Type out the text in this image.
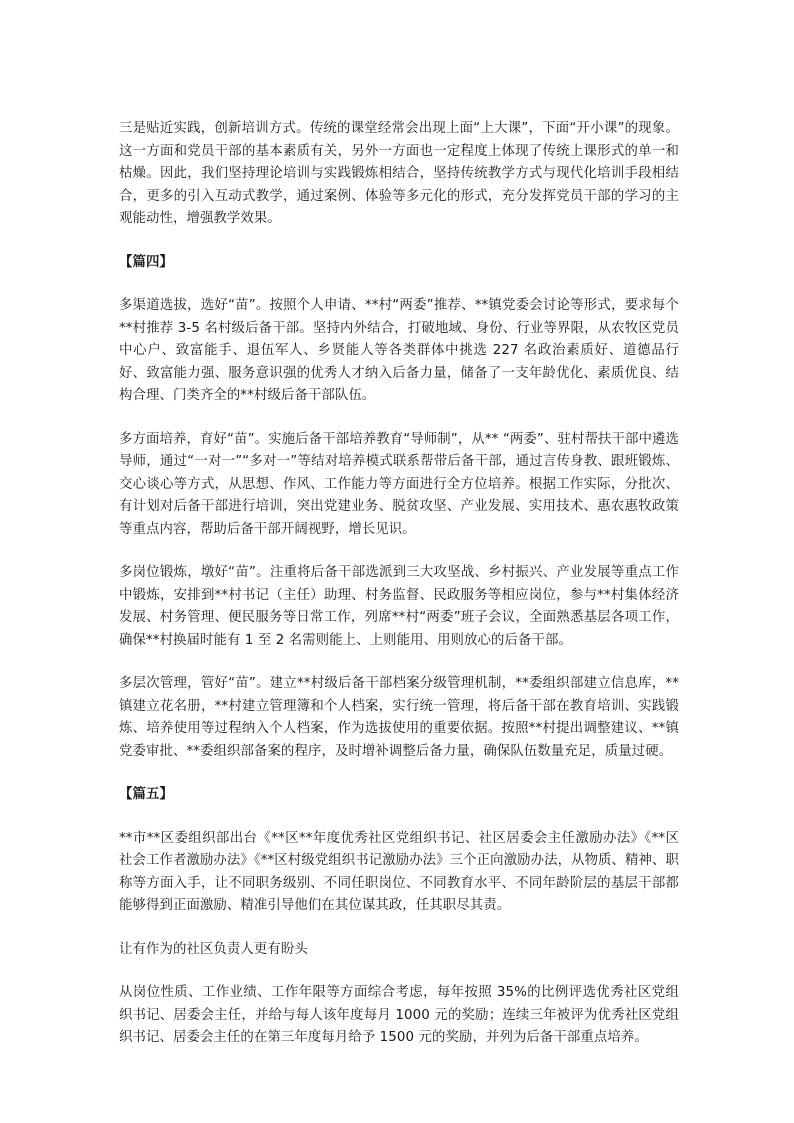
三是贴近实践，创新培训方式。传统的课堂经常会出现上面“上大课”，下面“开小课”的现象。这一方面和党员干部的基本素质有关，另外一方面也一定程度上体现了传统上课形式的单一和枯燥。因此，我们坚持理论培训与实践锻炼相结合，坚持传统教学方式与现代化培训手段相结合，更多的引入互动式教学，通过案例、体验等多元化的形式，充分发挥党员干部的学习的主观能动性，增强教学效果。

【篇四】

多渠道选拔，选好“苗”。按照个人申请、**村“两委”推荐、**镇党委会讨论等形式，要求每个**村推荐 3-5 名村级后备干部。坚持内外结合，打破地域、身份、行业等界限，从农牧区党员中心户、致富能手、退伍军人、乡贤能人等各类群体中挑选 227 名政治素质好、道德品行好、致富能力强、服务意识强的优秀人才纳入后备力量，储备了一支年龄优化、素质优良、结构合理、门类齐全的**村级后备干部队伍。

多方面培养，育好“苗”。实施后备干部培养教育“导师制”，从** “两委”、驻村帮扶干部中遴选导师，通过“一对一”“多对一”等结对培养模式联系帮带后备干部，通过言传身教、跟班锻炼、交心谈心等方式，从思想、作风、工作能力等方面进行全方位培养。根据工作实际，分批次、有计划对后备干部进行培训，突出党建业务、脱贫攻坚、产业发展、实用技术、惠农惠牧政策等重点内容，帮助后备干部开阔视野，增长见识。

多岗位锻炼，墩好“苗”。注重将后备干部选派到三大攻坚战、乡村振兴、产业发展等重点工作中锻炼，安排到**村书记（主任）助理、村务监督、民政服务等相应岗位，参与**村集体经济发展、村务管理、便民服务等日常工作，列席**村“两委”班子会议，全面熟悉基层各项工作，确保**村换届时能有 1 至 2 名需则能上、上则能用、用则放心的后备干部。

多层次管理，管好“苗”。建立**村级后备干部档案分级管理机制，**委组织部建立信息库，**镇建立花名册，**村建立管理簿和个人档案，实行统一管理，将后备干部在教育培训、实践锻炼、培养使用等过程纳入个人档案，作为选拔使用的重要依据。按照**村提出调整建议、**镇党委审批、**委组织部备案的程序，及时增补调整后备力量，确保队伍数量充足，质量过硬。

【篇五】

**市**区委组织部出台《**区**年度优秀社区党组织书记、社区居委会主任激励办法》《**区社会工作者激励办法》《**区村级党组织书记激励办法》三个正向激励办法，从物质、精神、职称等方面入手，让不同职务级别、不同任职岗位、不同教育水平、不同年龄阶层的基层干部都能够得到正面激励、精准引导他们在其位谋其政，任其职尽其责。

让有作为的社区负责人更有盼头

从岗位性质、工作业绩、工作年限等方面综合考虑，每年按照 35%的比例评选优秀社区党组织书记、居委会主任，并给与每人该年度每月 1000 元的奖励；连续三年被评为优秀社区党组织书记、居委会主任的在第三年度每月给予 1500 元的奖励，并列为后备干部重点培养。
